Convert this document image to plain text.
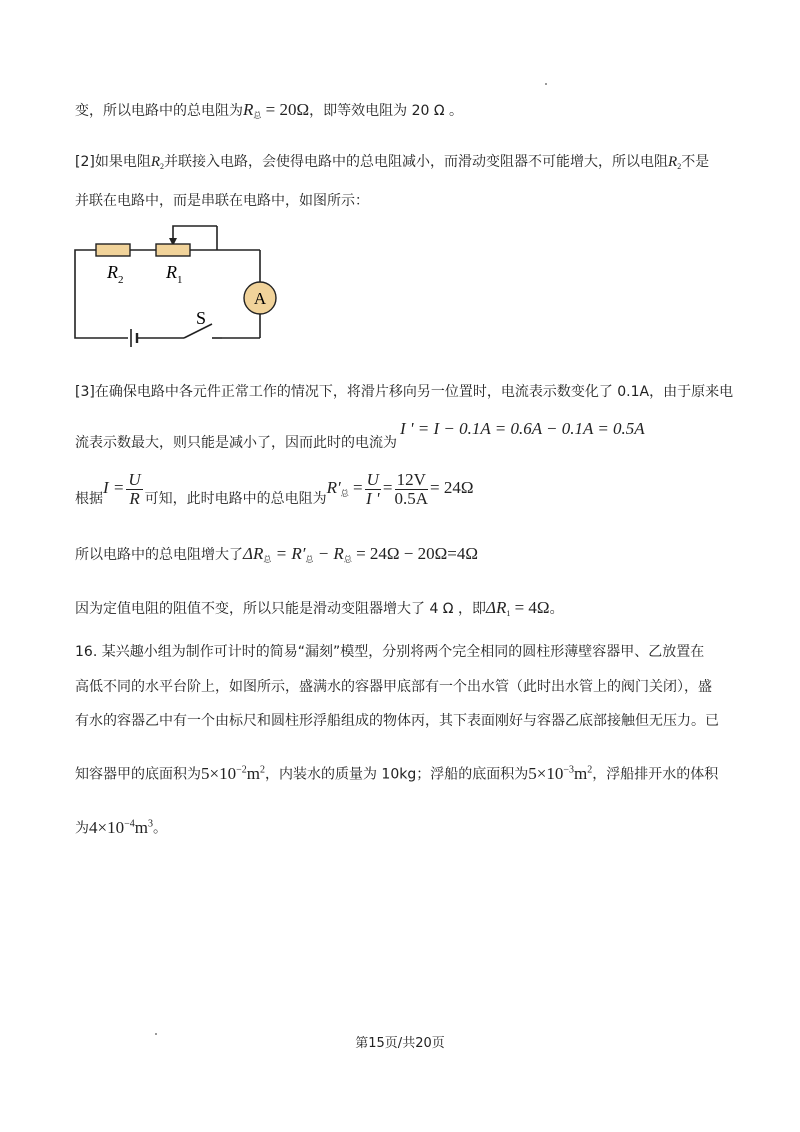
变，所以电路中的总电阻为$R_总 = 20\Omega$，即等效电阻为 20 Ω 。
[2]如果电阻$R_2$并联接入电路，会使得电路中的总电阻减小，而滑动变阻器不可能增大，所以电阻$R_2$不是
并联在电路中，而是串联在电路中，如图所示：
A
$R_2$ $R_1$
S
[3]在确保电路中各元件正常工作的情况下，将滑片移向另一位置时，电流表示数变化了 0.1A，由于原来电
流表示数最大，则只能是减小了，因而此时的电流为
I ' = I − 0.1A = 0.6A − 0.1A = 0.5A
根据$I = \frac{U}{R}$ 可知，此时电路中的总电阻为$R'_总 = \frac{U}{I '} = \frac{12V}{0.5A} = 24\Omega$
所以电路中的总电阻增大了$\Delta R_总 = R'_总 - R_总 = 24\Omega - 20\Omega=4\Omega$
因为定值电阻的阻值不变，所以只能是滑动变阻器增大了 4 Ω ，即$\Delta R_1 = 4\Omega$。
16. 某兴趣小组为制作可计时的简易“漏刻”模型，分别将两个完全相同的圆柱形薄壁容器甲、乙放置在
高低不同的水平台阶上，如图所示，盛满水的容器甲底部有一个出水管（此时出水管上的阀门关闭），盛
有水的容器乙中有一个由标尺和圆柱形浮船组成的物体丙，其下表面刚好与容器乙底部接触但无压力。已
知容器甲的底面积为$5\times 10^{-2}m^2$，内装水的质量为 10kg；浮船的底面积为$5\times 10^{-3}m^2$，浮船排开水的体积
为$4\times 10^{-4}m^3$。
第15页/共20页
